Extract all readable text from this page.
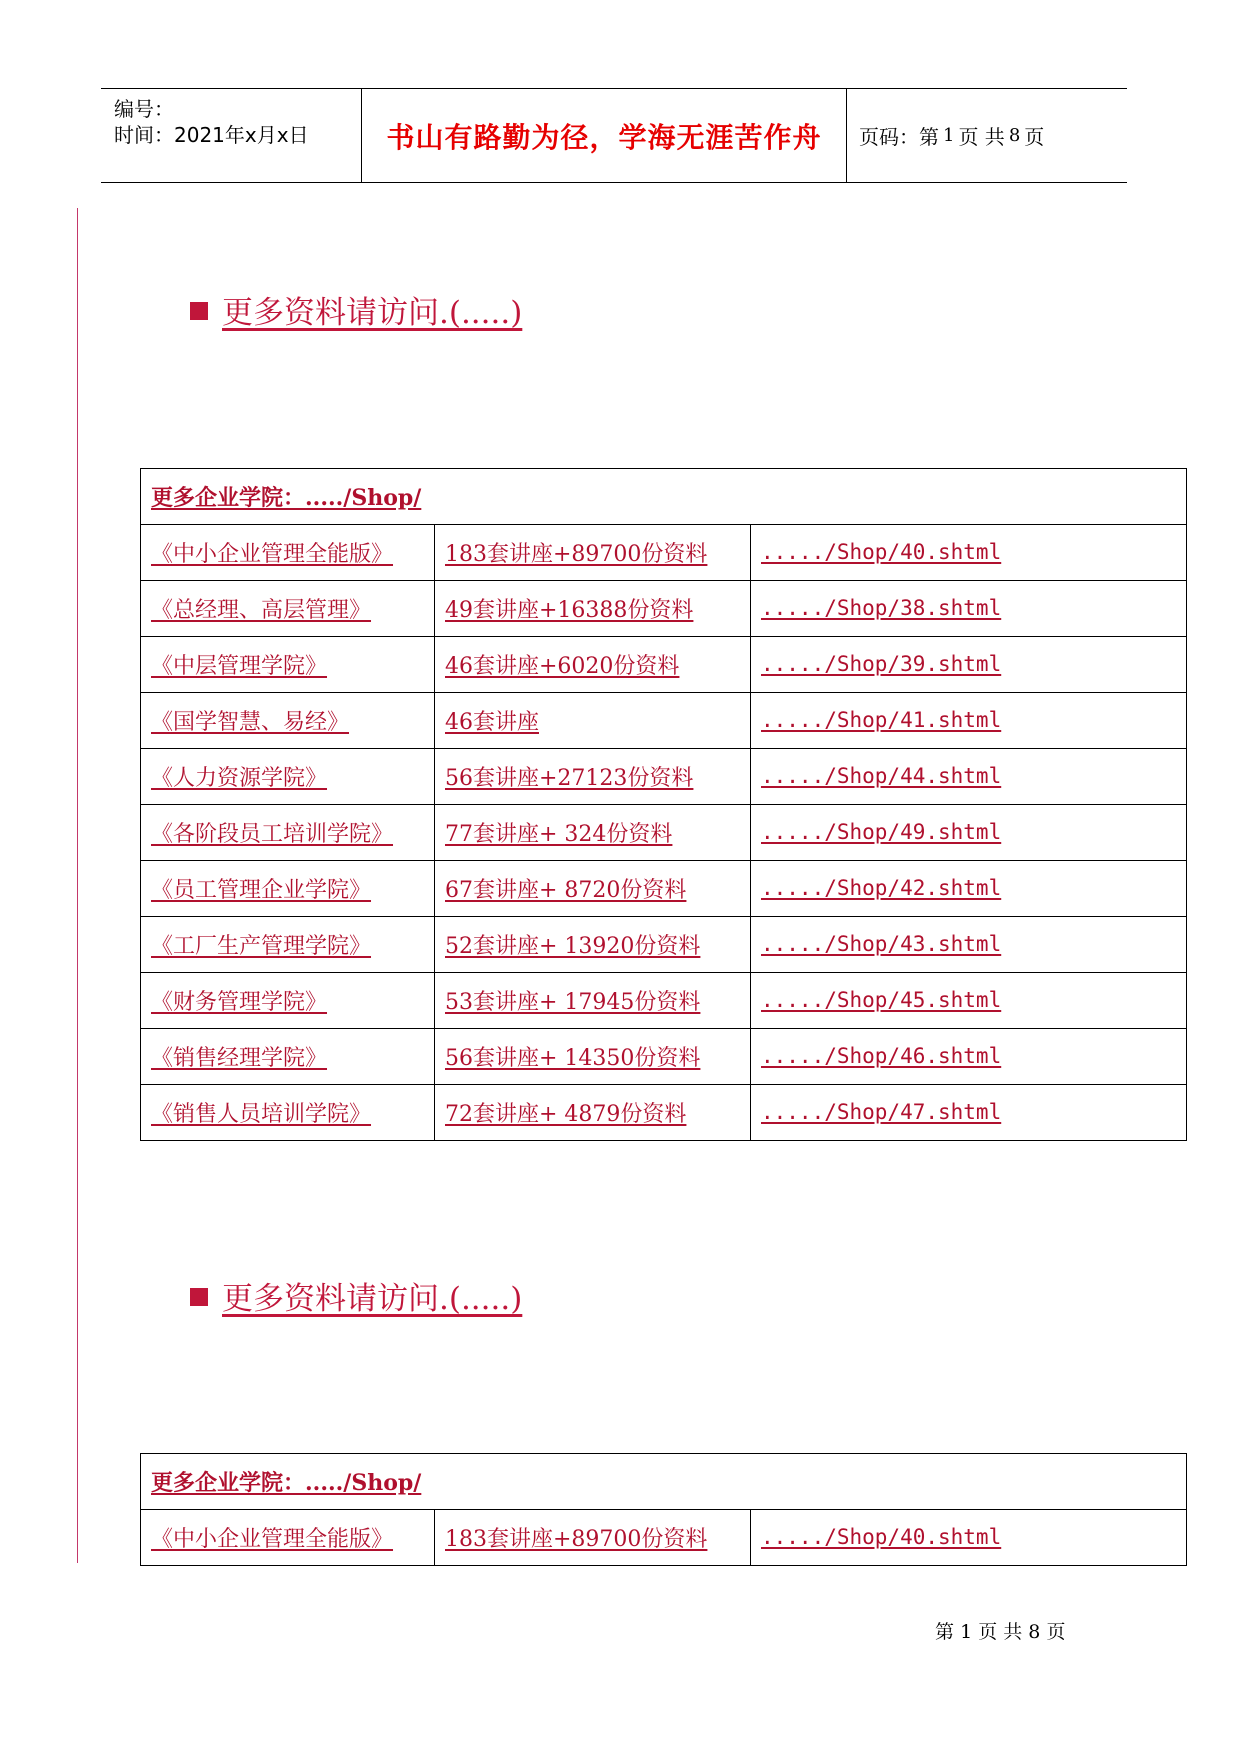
编号：
时间：2021年x月x日	书山有路勤为径，学海无涯苦作舟 页码：第 1 页 共 8 页
更多资料请访问.(.....)
更多企业学院：...../Shop/		
《中小企业管理全能版》	183套讲座+89700份资料	...../Shop/40.shtml
《总经理、高层管理》	49套讲座+16388份资料	...../Shop/38.shtml
《中层管理学院》	46套讲座+6020份资料	...../Shop/39.shtml
《国学智慧、易经》	46套讲座	...../Shop/41.shtml
《人力资源学院》	56套讲座+27123份资料	...../Shop/44.shtml
《各阶段员工培训学院》	77套讲座+ 324份资料	...../Shop/49.shtml
《员工管理企业学院》	67套讲座+ 8720份资料	...../Shop/42.shtml
《工厂生产管理学院》	52套讲座+ 13920份资料	...../Shop/43.shtml
《财务管理学院》	53套讲座+ 17945份资料	...../Shop/45.shtml
《销售经理学院》	56套讲座+ 14350份资料	...../Shop/46.shtml
《销售人员培训学院》	72套讲座+ 4879份资料	...../Shop/47.shtml
更多资料请访问.(.....)
更多企业学院：...../Shop/
《中小企业管理全能版》	183套讲座+89700份资料	...../Shop/40.shtml
第 1 页 共 8 页
